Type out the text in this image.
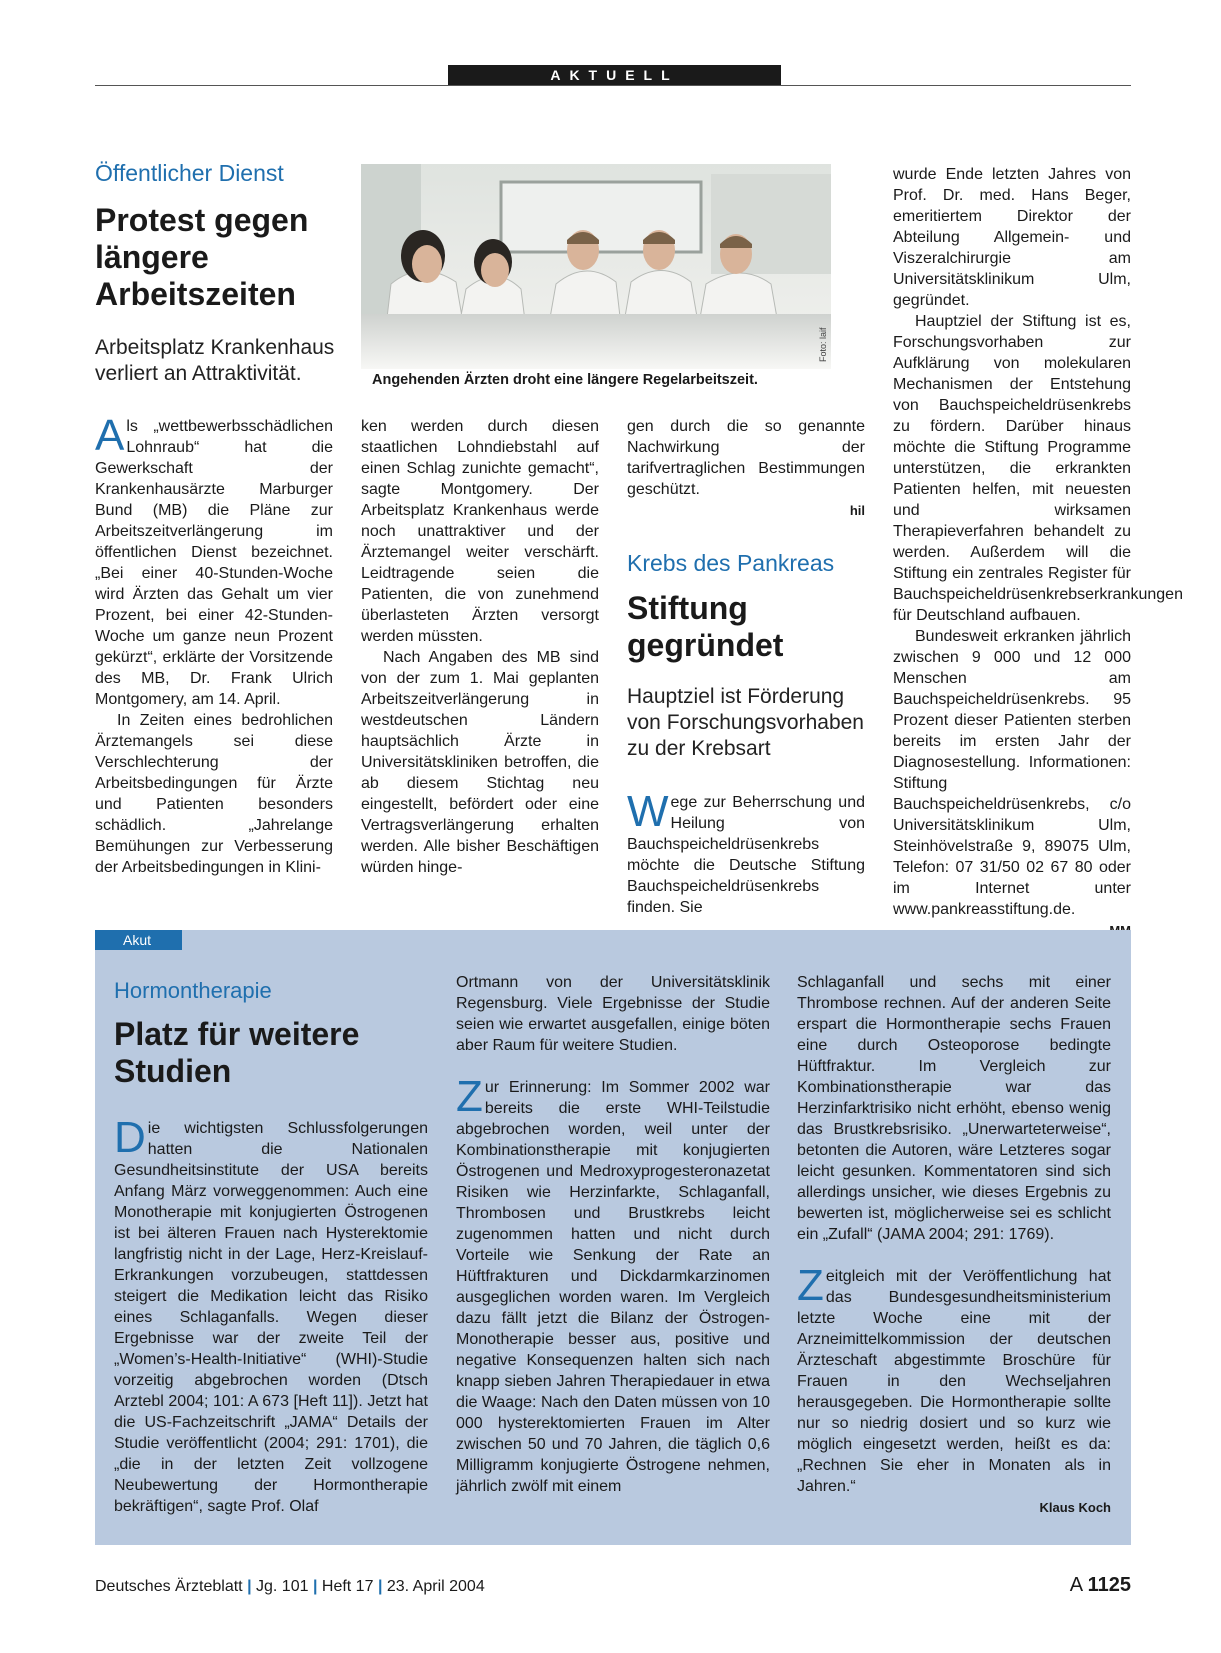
AKTUELL
Öffentlicher Dienst
Protest gegen längere Arbeitszeiten
Arbeitsplatz Krankenhaus verliert an Attraktivität.	Angehenden Ärzten droht eine längere Regelarbeitszeit.
Foto: laif

Als „wettbewerbsschädlichen Lohnraub“ hat die Gewerkschaft der Krankenhausärzte Marburger Bund (MB) die Pläne zur Arbeitszeitverlängerung im öffentlichen Dienst bezeichnet. „Bei einer 40-Stunden-Woche wird Ärzten das Gehalt um vier Prozent, bei einer 42-Stunden-Woche um ganze neun Prozent gekürzt“, erklärte der Vorsitzende des MB, Dr. Frank Ulrich Montgomery, am 14. April.

In Zeiten eines bedrohlichen Ärztemangels sei diese Verschlechterung der Arbeitsbedingungen für Ärzte und Patienten besonders schädlich. „Jahrelange Bemühungen zur Verbesserung der Arbeitsbedingungen in Klini-

ken werden durch diesen staatlichen Lohndiebstahl auf einen Schlag zunichte gemacht“, sagte Montgomery. Der Arbeitsplatz Krankenhaus werde noch unattraktiver und der Ärztemangel weiter verschärft. Leidtragende seien die Patienten, die von zunehmend überlasteten Ärzten versorgt werden müssten.

Nach Angaben des MB sind von der zum 1. Mai geplanten Arbeitszeitverlängerung in westdeutschen Ländern hauptsächlich Ärzte in Universitätskliniken betroffen, die ab diesem Stichtag neu eingestellt, befördert oder eine Vertragsverlängerung erhalten werden. Alle bisher Beschäftigen würden hinge-

gen durch die so genannte Nachwirkung der tarifvertraglichen Bestimmungen geschützt.

hil
Krebs des Pankreas
Stiftung gegründet
Hauptziel ist Förderung von Forschungsvorhaben zu der Krebsart

Wege zur Beherrschung und Heilung von Bauchspeicheldrüsenkrebs möchte die Deutsche Stiftung Bauchspeicheldrüsenkrebs finden. Sie

wurde Ende letzten Jahres von Prof. Dr. med. Hans Beger, emeritiertem Direktor der Abteilung Allgemein- und Viszeralchirurgie am Universitätsklinikum Ulm, gegründet.

Hauptziel der Stiftung ist es, Forschungsvorhaben zur Aufklärung von molekularen Mechanismen der Entstehung von Bauchspeicheldrüsenkrebs zu fördern. Darüber hinaus möchte die Stiftung Programme unterstützen, die erkrankten Patienten helfen, mit neuesten und wirksamen Therapieverfahren behandelt zu werden. Außerdem will die Stiftung ein zentrales Register für Bauchspeicheldrüsenkrebserkrankungen für Deutschland aufbauen.

Bundesweit erkranken jährlich zwischen 9 000 und 12 000 Menschen am Bauchspeicheldrüsenkrebs. 95 Prozent dieser Patienten sterben bereits im ersten Jahr der Diagnosestellung. Informationen: Stiftung Bauchspeicheldrüsenkrebs, c/o Universitätsklinikum Ulm, Steinhövelstraße 9, 89075 Ulm, Telefon: 07 31/50 02 67 80 oder im Internet unter www.pankreasstiftung.de.

Akut
Hormontherapie
Platz für weitere Studien

Die wichtigsten Schlussfolgerungen hatten die Nationalen Gesundheitsinstitute der USA bereits Anfang März vorweggenommen: Auch eine Monotherapie mit konjugierten Östrogenen ist bei älteren Frauen nach Hysterektomie langfristig nicht in der Lage, Herz-Kreislauf-Erkrankungen vorzubeugen, stattdessen steigert die Medikation leicht das Risiko eines Schlaganfalls. Wegen dieser Ergebnisse war der zweite Teil der „Women’s-Health-Initiative“ (WHI)-Studie vorzeitig abgebrochen worden (Dtsch Arztebl 2004; 101: A 673 [Heft 11]). Jetzt hat die US-Fachzeitschrift „JAMA“ Details der Studie veröffentlicht (2004; 291: 1701), die „die in der letzten Zeit vollzogene Neubewertung der Hormontherapie bekräftigen“, sagte Prof. Olaf

Ortmann von der Universitätsklinik Regensburg. Viele Ergebnisse der Studie seien wie erwartet ausgefallen, einige böten aber Raum für weitere Studien.

Zur Erinnerung: Im Sommer 2002 war bereits die erste WHI-Teilstudie abgebrochen worden, weil unter der Kombinationstherapie mit konjugierten Östrogenen und Medroxyprogesteronazetat Risiken wie Herzinfarkte, Schlaganfall, Thrombosen und Brustkrebs leicht zugenommen hatten und nicht durch Vorteile wie Senkung der Rate an Hüftfrakturen und Dickdarmkarzinomen ausgeglichen worden waren. Im Vergleich dazu fällt jetzt die Bilanz der Östrogen-Monotherapie besser aus, positive und negative Konsequenzen halten sich nach knapp sieben Jahren Therapiedauer in etwa die Waage: Nach den Daten müssen von 10 000 hysterektomierten Frauen im Alter zwischen 50 und 70 Jahren, die täglich 0,6 Milligramm konjugierte Östrogene nehmen, jährlich zwölf mit einem

Schlaganfall und sechs mit einer Thrombose rechnen. Auf der anderen Seite erspart die Hormontherapie sechs Frauen eine durch Osteoporose bedingte Hüftfraktur. Im Vergleich zur Kombinationstherapie war das Herzinfarktrisiko nicht erhöht, ebenso wenig das Brustkrebsrisiko. „Unerwarteterweise“, betonten die Autoren, wäre Letzteres sogar leicht gesunken. Kommentatoren sind sich allerdings unsicher, wie dieses Ergebnis zu bewerten ist, möglicherweise sei es schlicht ein „Zufall“ (JAMA 2004; 291: 1769).

Zeitgleich mit der Veröffentlichung hat das Bundesgesundheitsministerium letzte Woche eine mit der Arzneimittelkommission der deutschen Ärzteschaft abgestimmte Broschüre für Frauen in den Wechseljahren herausgegeben. Die Hormontherapie sollte nur so niedrig dosiert und so kurz wie möglich eingesetzt werden, heißt es da: „Rechnen Sie eher in Monaten als in Jahren.“

Klaus Koch
Deutsches Ärzteblatt | Jg. 101 | Heft 17 | 23. April 2004	A 1125
